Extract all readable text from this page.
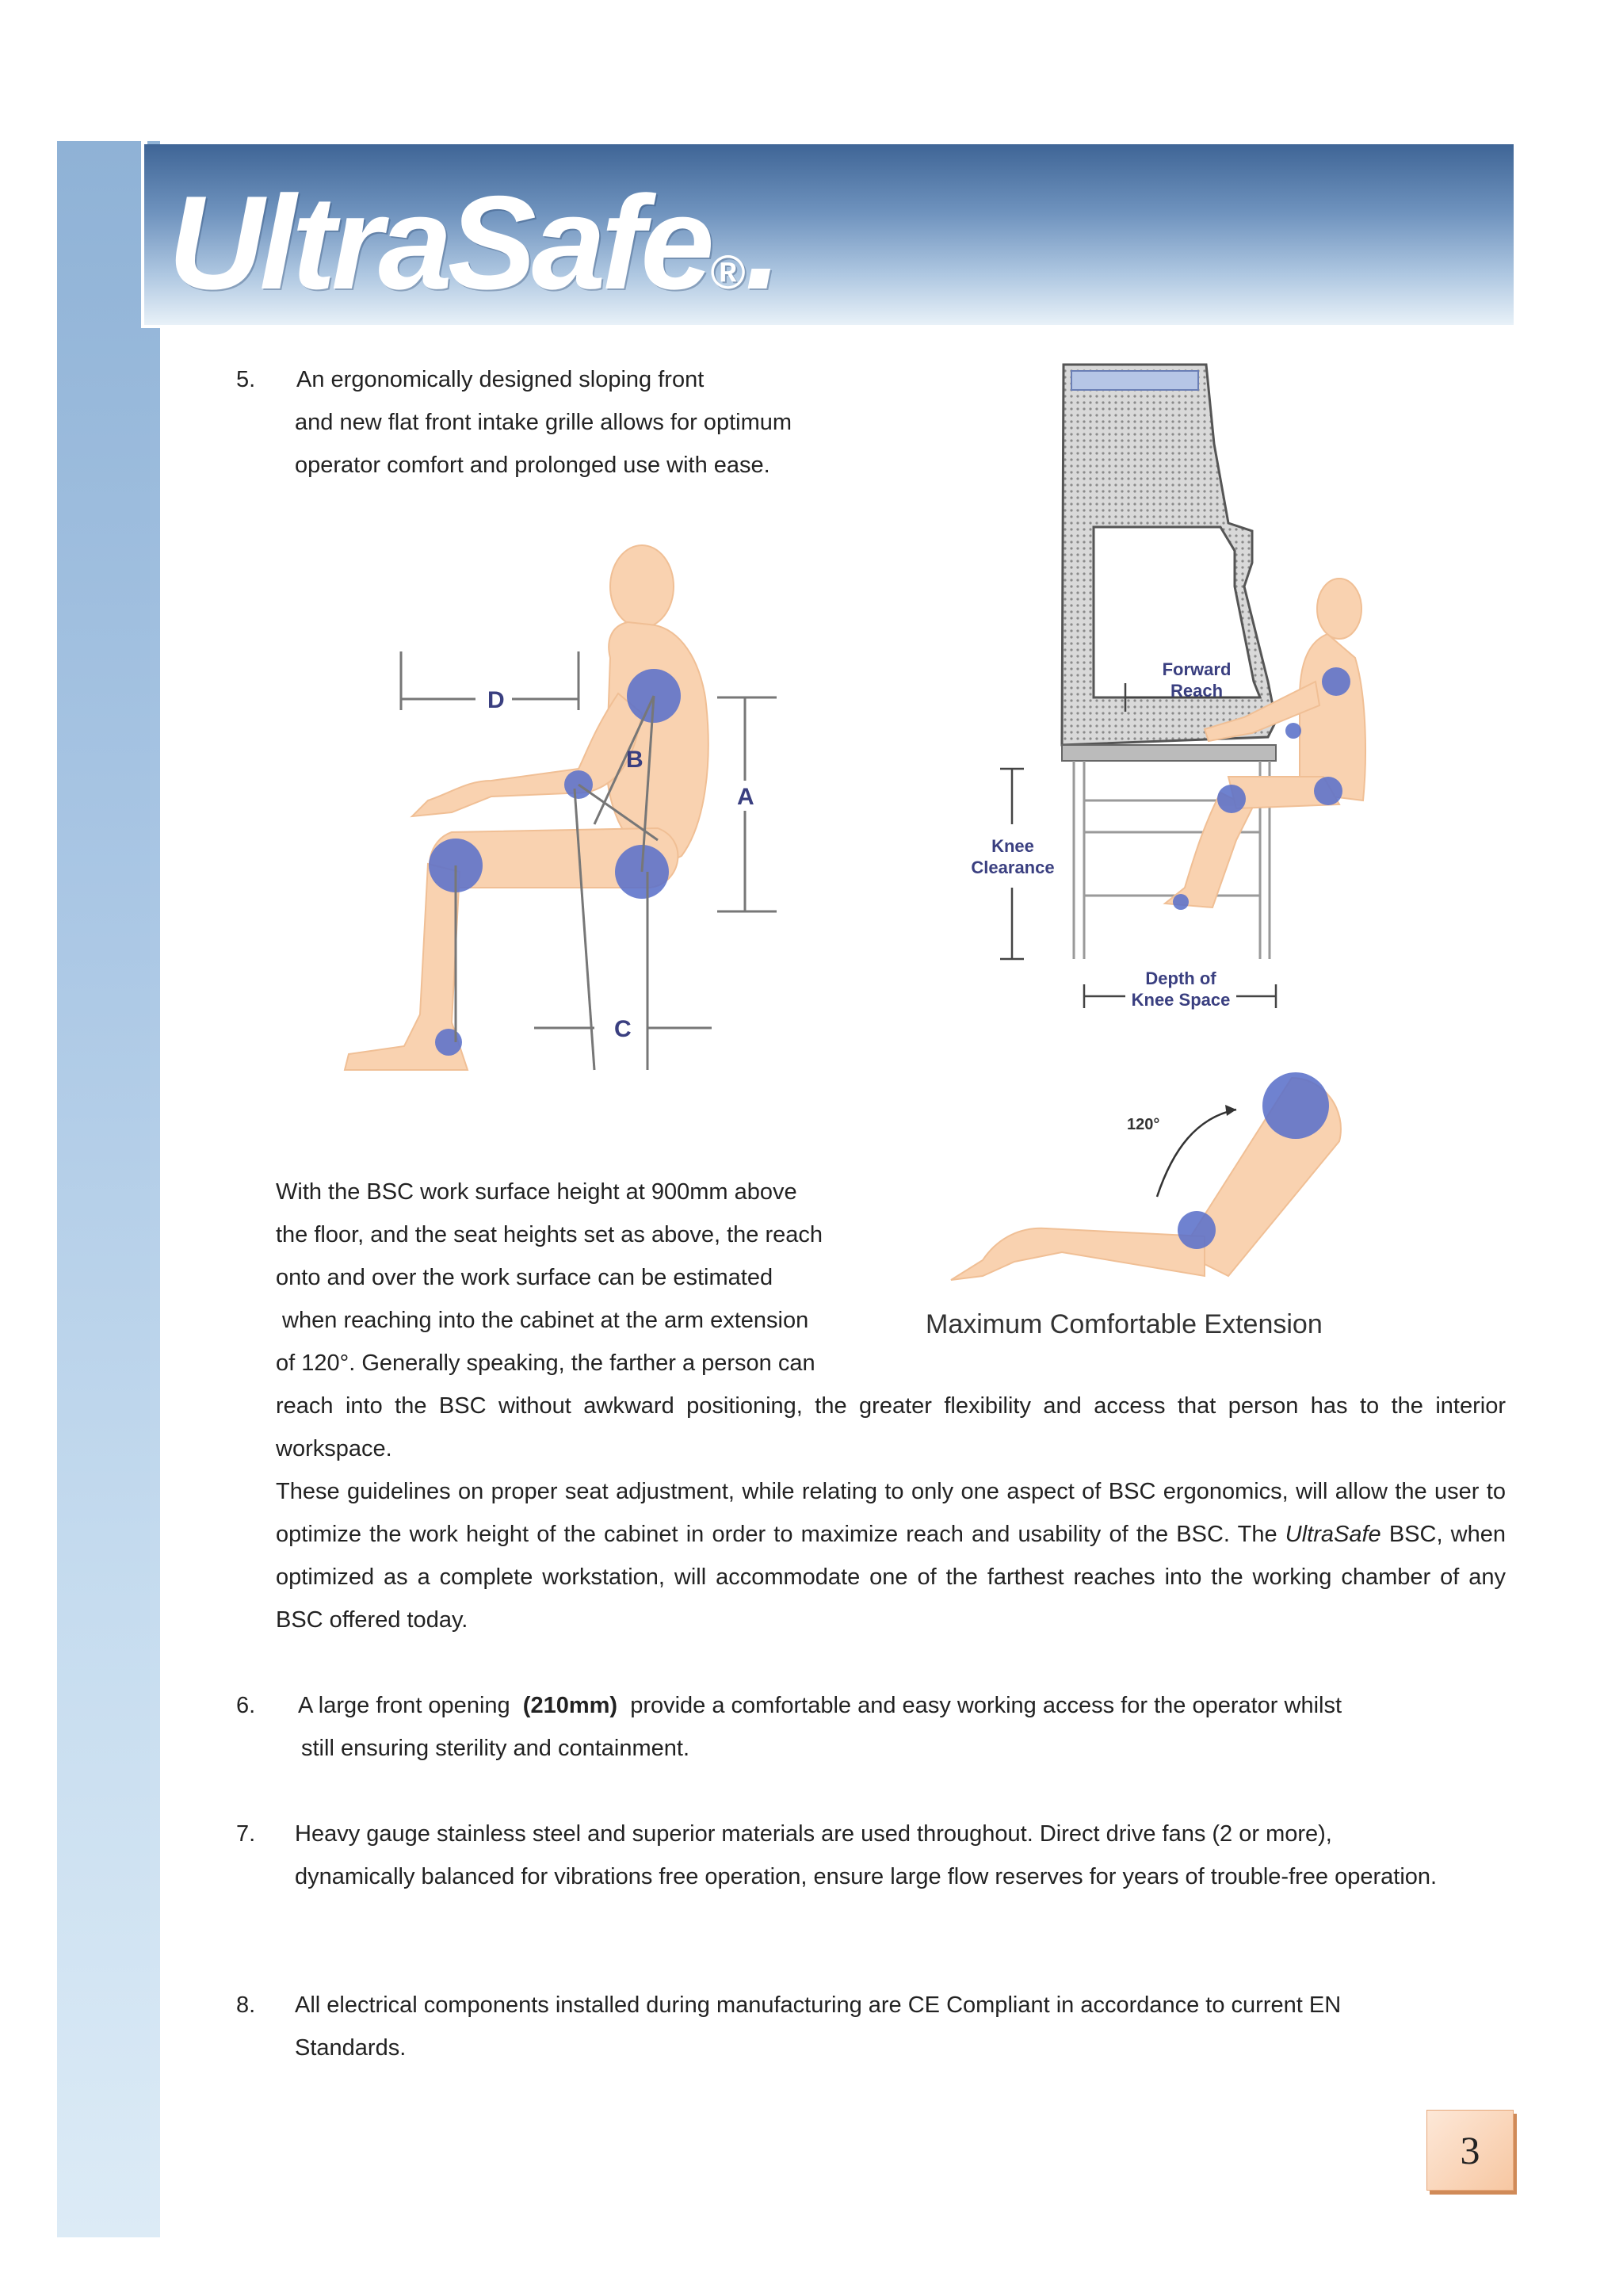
UltraSafe®.
5. An ergonomically designed sloping front
and new flat front intake grille allows for optimum
operator comfort and prolonged use with ease.
D
B
A
C
Forward
Reach
Knee
Clearance
Depth of
Knee Space
120°
Maximum Comfortable Extension
With the BSC work surface height at 900mm above
the floor, and the seat heights set as above, the reach
onto and over the work surface can be estimated
when reaching into the cabinet at the arm extension
of 120°. Generally speaking, the farther a person can
reach into the BSC without awkward positioning, the greater flexibility and access that person has to the interior workspace.
These guidelines on proper seat adjustment, while relating to only one aspect of BSC ergonomics, will allow the user to optimize the work height of the cabinet in order to maximize reach and usability of the BSC. The UltraSafe BSC, when optimized as a complete workstation, will accommodate one of the farthest reaches into the working chamber of any BSC offered today.
6. A large front opening (210mm) provide a comfortable and easy working access for the operator whilst
still ensuring sterility and containment.
7. Heavy gauge stainless steel and superior materials are used throughout. Direct drive fans (2 or more), dynamically balanced for vibrations free operation, ensure large flow reserves for years of trouble-free operation.
8. All electrical components installed during manufacturing are CE Compliant in accordance to current EN Standards.
3
